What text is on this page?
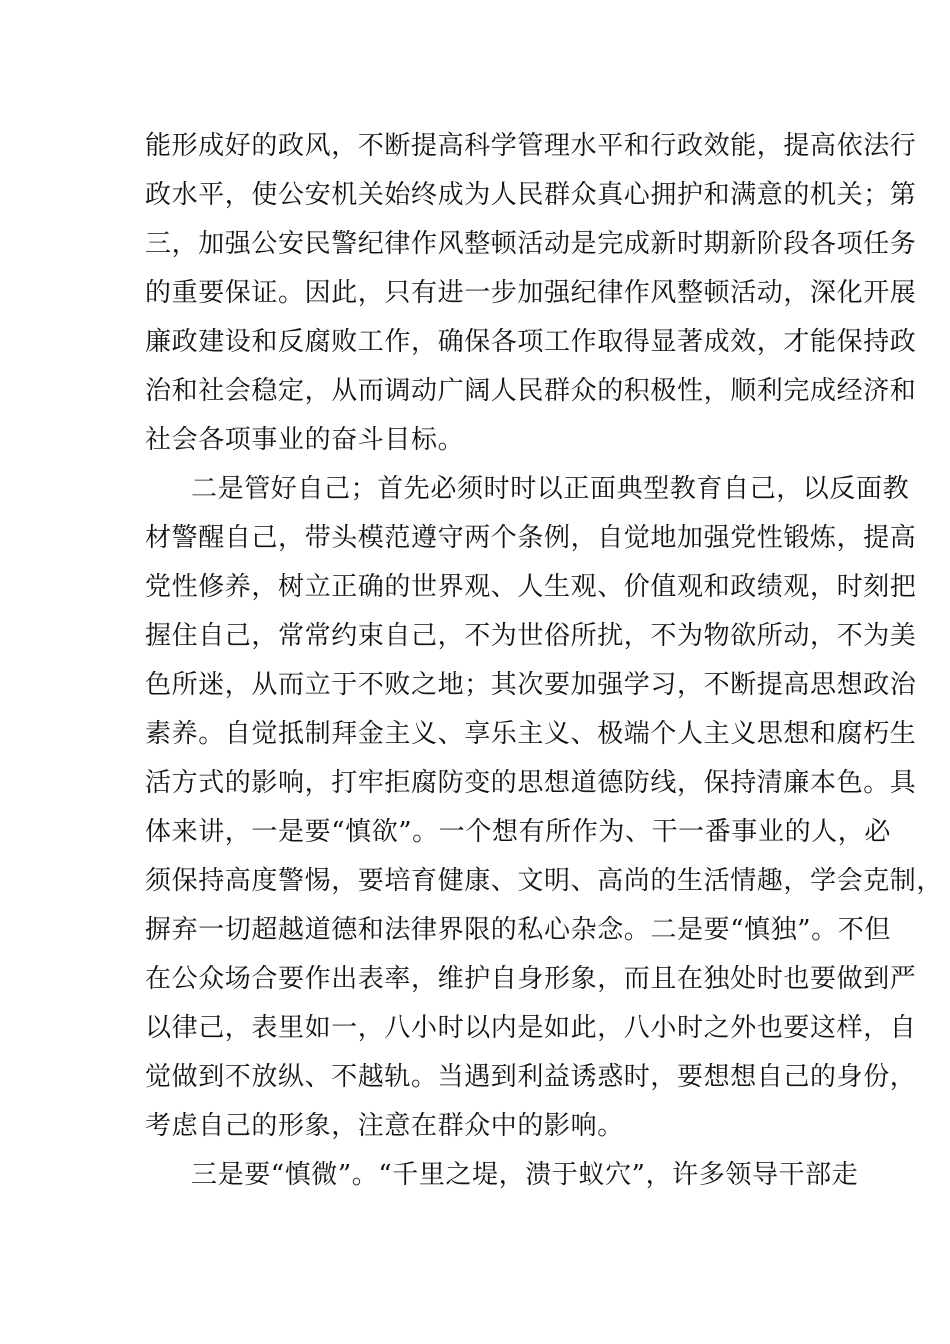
能形成好的政风，不断提高科学管理水平和行政效能，提高依法行
政水平，使公安机关始终成为人民群众真心拥护和满意的机关；第
三，加强公安民警纪律作风整顿活动是完成新时期新阶段各项任务
的重要保证。因此，只有进一步加强纪律作风整顿活动，深化开展
廉政建设和反腐败工作，确保各项工作取得显著成效，才能保持政
治和社会稳定，从而调动广阔人民群众的积极性，顺利完成经济和
社会各项事业的奋斗目标。
二是管好自己；首先必须时时以正面典型教育自己，以反面教
材警醒自己，带头模范遵守两个条例，自觉地加强党性锻炼，提高
党性修养，树立正确的世界观、人生观、价值观和政绩观，时刻把
握住自己，常常约束自己，不为世俗所扰，不为物欲所动，不为美
色所迷，从而立于不败之地；其次要加强学习，不断提高思想政治
素养。自觉抵制拜金主义、享乐主义、极端个人主义思想和腐朽生
活方式的影响，打牢拒腐防变的思想道德防线，保持清廉本色。具
体来讲，一是要“慎欲”。一个想有所作为、干一番事业的人，必
须保持高度警惕，要培育健康、文明、高尚的生活情趣，学会克制，
摒弃一切超越道德和法律界限的私心杂念。二是要“慎独”。不但
在公众场合要作出表率，维护自身形象，而且在独处时也要做到严
以律己，表里如一，八小时以内是如此，八小时之外也要这样，自
觉做到不放纵、不越轨。当遇到利益诱惑时，要想想自己的身份，
考虑自己的形象，注意在群众中的影响。
三是要“慎微”。“千里之堤，溃于蚁穴”，许多领导干部走
